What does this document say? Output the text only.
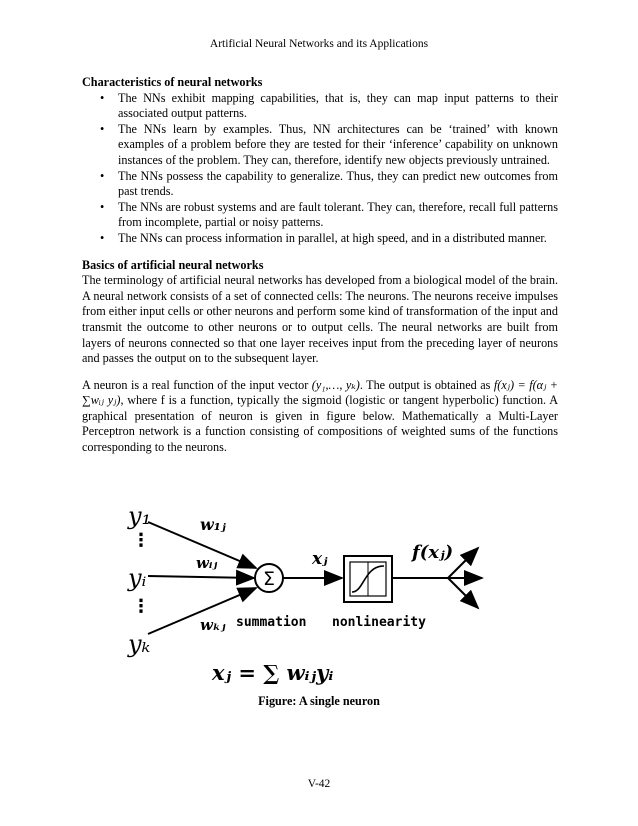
Artificial Neural Networks and its Applications
Characteristics of neural networks
• The NNs exhibit mapping capabilities, that is, they can map input patterns to their associated output patterns.
• The NNs learn by examples. Thus, NN architectures can be ‘trained’ with known examples of a problem before they are tested for their ‘inference’ capability on unknown instances of the problem. They can, therefore, identify new objects previously untrained.
• The NNs possess the capability to generalize. Thus, they can predict new outcomes from past trends.
• The NNs are robust systems and are fault tolerant. They can, therefore, recall full patterns from incomplete, partial or noisy patterns.
• The NNs can process information in parallel, at high speed, and in a distributed manner.
Basics of artificial neural networks

The terminology of artificial neural networks has developed from a biological model of the brain. A neural network consists of a set of connected cells: The neurons. The neurons receive impulses from either input cells or other neurons and perform some kind of transformation of the input and transmit the outcome to other neurons or to output cells. The neural networks are built from layers of neurons connected so that one layer receives input from the preceding layer of neurons and passes the output on to the subsequent layer.

A neuron is a real function of the input vector (y₁,…, yₖ). The output is obtained as f(xⱼ) = f(αⱼ + ∑wᵢⱼ yⱼ), where f is a function, typically the sigmoid (logistic or tangent hyperbolic) function. A graphical presentation of neuron is given in figure below. Mathematically a Multi-Layer Perceptron network is a function consisting of compositions of weighted sums of the functions corresponding to the neurons.

y₁
⋮
yᵢ
⋮
yₖ
w₁ⱼ
wᵢⱼ
wₖⱼ
Σ
xⱼ	f(xⱼ)
summation nonlinearity
xⱼ = ∑ wᵢⱼyᵢ
Figure: A single neuron
V-42
